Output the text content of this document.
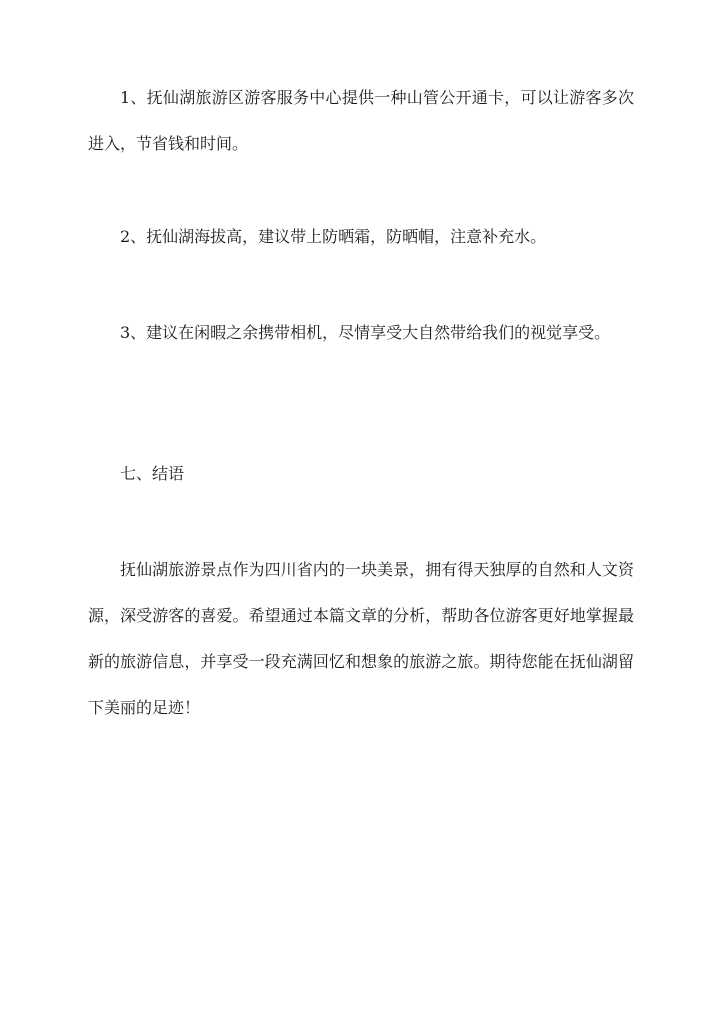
1、抚仙湖旅游区游客服务中心提供一种山管公开通卡，可以让游客多次进入，节省钱和时间。

2、抚仙湖海拔高，建议带上防晒霜，防晒帽，注意补充水。

3、建议在闲暇之余携带相机，尽情享受大自然带给我们的视觉享受。

七、结语

抚仙湖旅游景点作为四川省内的一块美景，拥有得天独厚的自然和人文资源，深受游客的喜爱。希望通过本篇文章的分析，帮助各位游客更好地掌握最新的旅游信息，并享受一段充满回忆和想象的旅游之旅。期待您能在抚仙湖留下美丽的足迹！
